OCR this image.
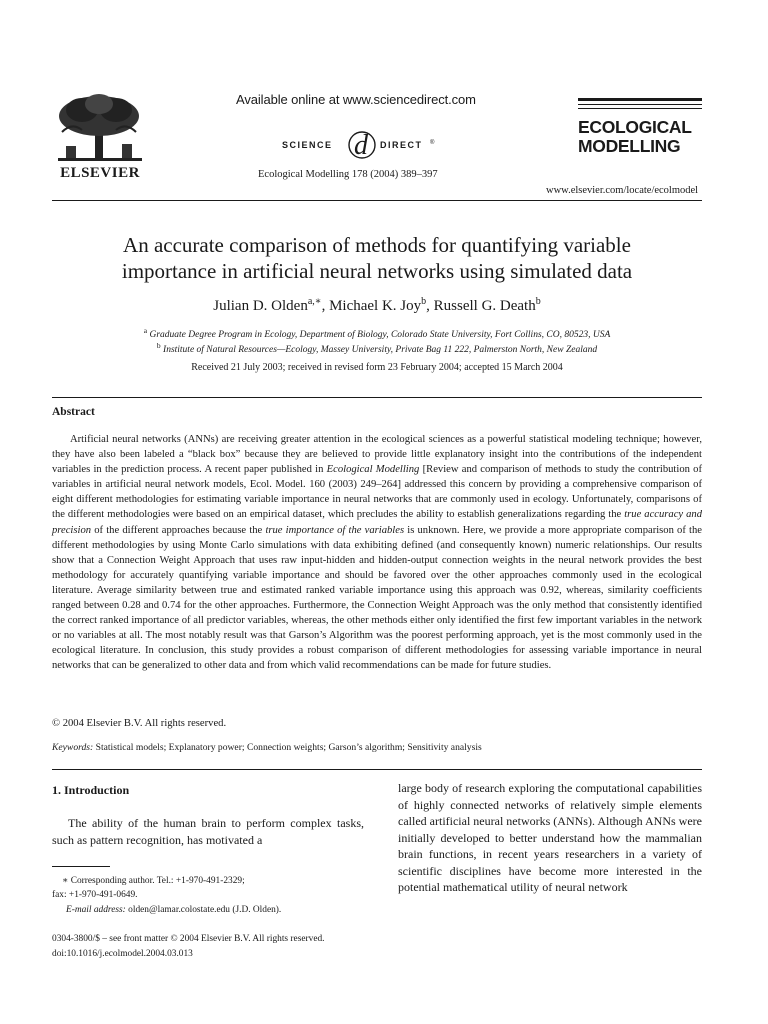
ELSEVIER
Available online at www.sciencedirect.com
SCIENCE d DIRECT ®
Ecological Modelling 178 (2004) 389–397
ECOLOGICAL
MODELLING
www.elsevier.com/locate/ecolmodel
An accurate comparison of methods for quantifying variable
importance in artificial neural networks using simulated data
Julian D. Olden$^{a,∗}$, Michael K. Joy$^b$, Russell G. Death$^b$
$^a$ Graduate Degree Program in Ecology, Department of Biology, Colorado State University, Fort Collins, CO, 80523, USA
$^b$ Institute of Natural Resources—Ecology, Massey University, Private Bag 11 222, Palmerston North, New Zealand
Received 21 July 2003; received in revised form 23 February 2004; accepted 15 March 2004
Abstract
Artificial neural networks (ANNs) are receiving greater attention in the ecological sciences as a powerful statistical modeling technique; however, they have also been labeled a “black box” because they are believed to provide little explanatory insight into the contributions of the independent variables in the prediction process. A recent paper published in Ecological Modelling [Review and comparison of methods to study the contribution of variables in artificial neural network models, Ecol. Model. 160 (2003) 249–264] addressed this concern by providing a comprehensive comparison of eight different methodologies for estimating variable importance in neural networks that are commonly used in ecology. Unfortunately, comparisons of the different methodologies were based on an empirical dataset, which precludes the ability to establish generalizations regarding the true accuracy and precision of the different approaches because the true importance of the variables is unknown. Here, we provide a more appropriate comparison of the different methodologies by using Monte Carlo simulations with data exhibiting defined (and consequently known) numeric relationships. Our results show that a Connection Weight Approach that uses raw input-hidden and hidden-output connection weights in the neural network provides the best methodology for accurately quantifying variable importance and should be favored over the other approaches commonly used in the ecological literature. Average similarity between true and estimated ranked variable importance using this approach was 0.92, whereas, similarity coefficients ranged between 0.28 and 0.74 for the other approaches. Furthermore, the Connection Weight Approach was the only method that consistently identified the correct ranked importance of all predictor variables, whereas, the other methods either only identified the first few important variables in the network or no variables at all. The most notably result was that Garson’s Algorithm was the poorest performing approach, yet is the most commonly used in the ecological literature. In conclusion, this study provides a robust comparison of different methodologies for assessing variable importance in neural networks that can be generalized to other data and from which valid recommendations can be made for future studies.
© 2004 Elsevier B.V. All rights reserved.
Keywords: Statistical models; Explanatory power; Connection weights; Garson’s algorithm; Sensitivity analysis
1. Introduction
The ability of the human brain to perform complex tasks, such as pattern recognition, has motivated a
large body of research exploring the computational capabilities of highly connected networks of relatively simple elements called artificial neural networks (ANNs). Although ANNs were initially developed to better understand how the mammalian brain functions, in recent years researchers in a variety of scientific disciplines have become more interested in the potential mathematical utility of neural network
∗ Corresponding author. Tel.: +1-970-491-2329;
fax: +1-970-491-0649.
E-mail address: olden@lamar.colostate.edu (J.D. Olden).
0304-3800/$ – see front matter © 2004 Elsevier B.V. All rights reserved.
doi:10.1016/j.ecolmodel.2004.03.013
